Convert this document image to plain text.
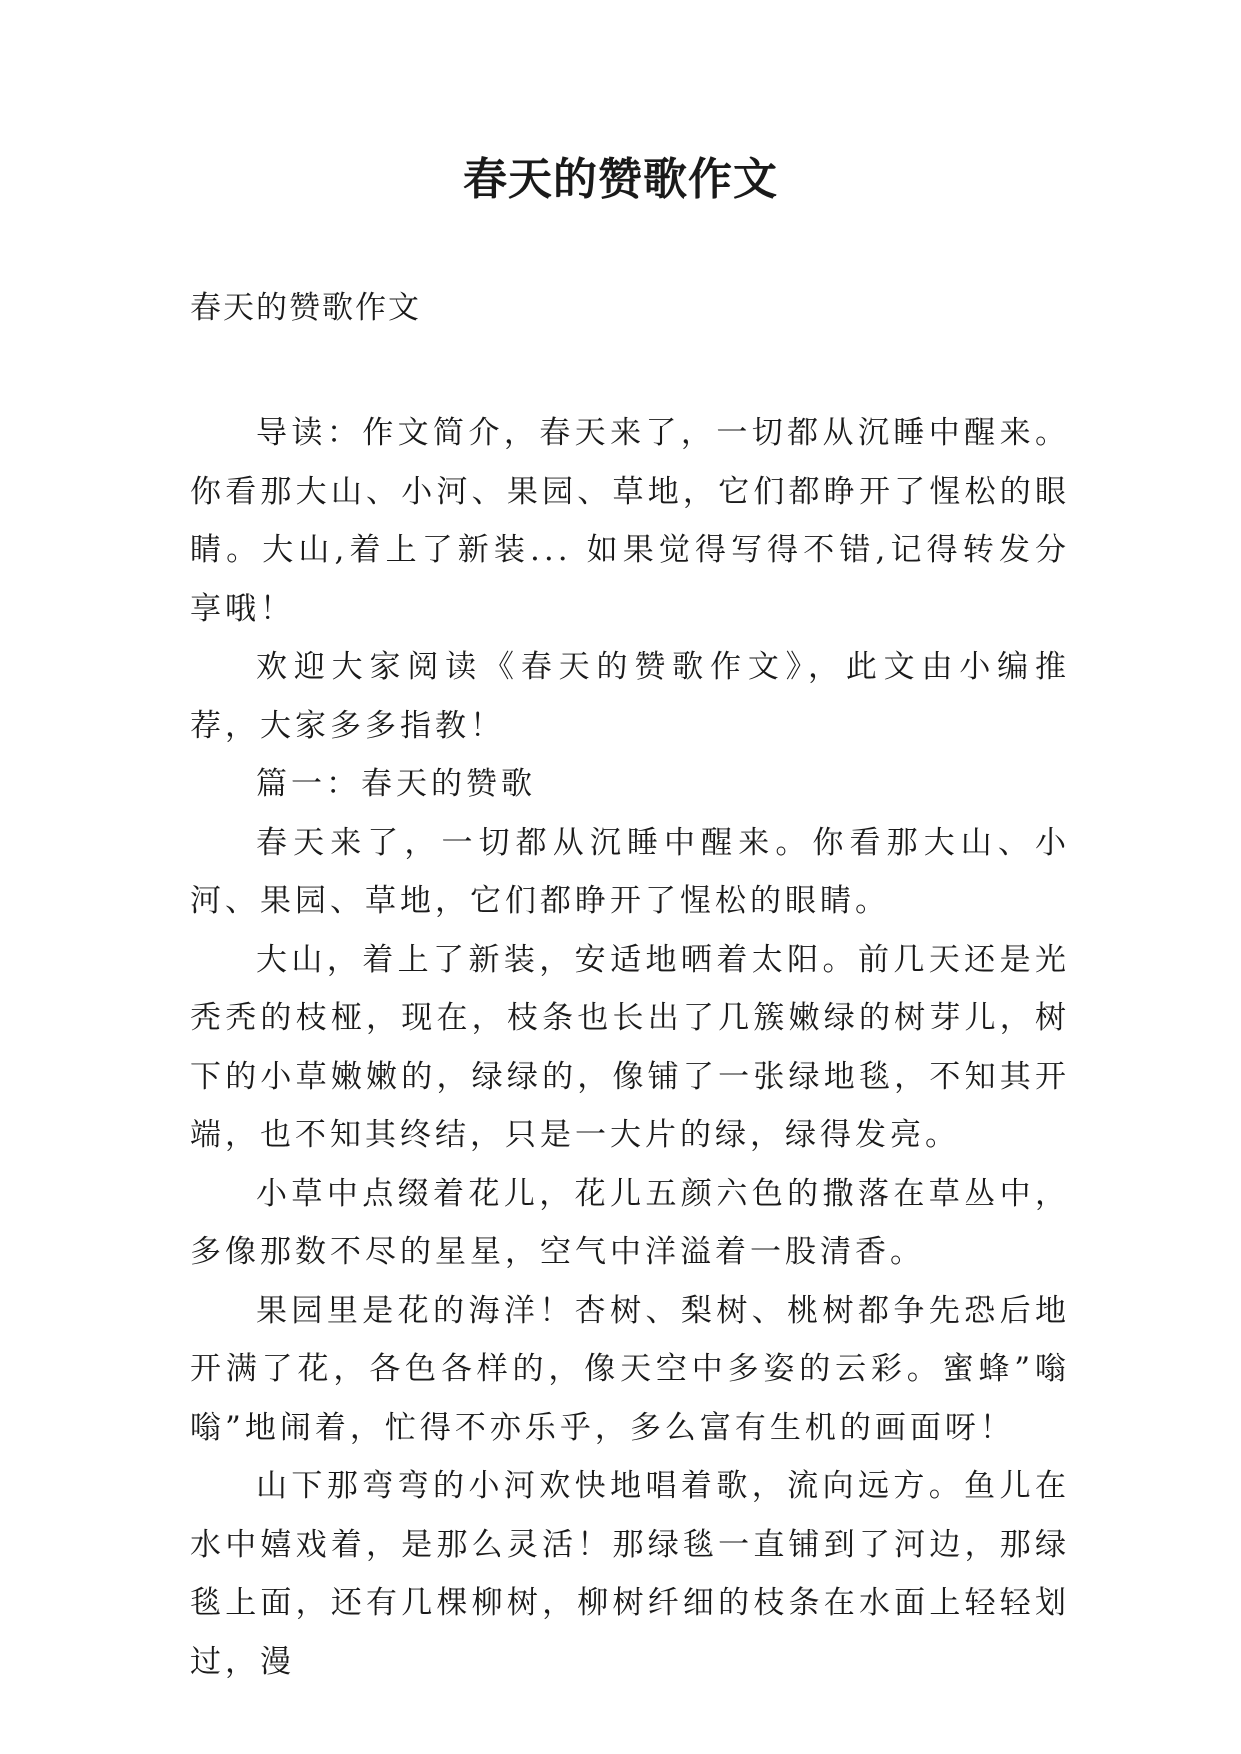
春天的赞歌作文

春天的赞歌作文

导读：作文简介，春天来了，一切都从沉睡中醒来。你看那大山、小河、果园、草地，它们都睁开了惺松的眼睛。大山,着上了新装... 如果觉得写得不错,记得转发分享哦！

欢迎大家阅读《春天的赞歌作文》，此文由小编推荐，大家多多指教！

篇一：春天的赞歌

春天来了，一切都从沉睡中醒来。你看那大山、小河、果园、草地，它们都睁开了惺松的眼睛。

大山，着上了新装，安适地晒着太阳。前几天还是光秃秃的枝桠，现在，枝条也长出了几簇嫩绿的树芽儿，树下的小草嫩嫩的，绿绿的，像铺了一张绿地毯，不知其开端，也不知其终结，只是一大片的绿，绿得发亮。

小草中点缀着花儿，花儿五颜六色的撒落在草丛中，多像那数不尽的星星，空气中洋溢着一股清香。

果园里是花的海洋！杏树、梨树、桃树都争先恐后地开满了花，各色各样的，像天空中多姿的云彩。蜜蜂”嗡嗡”地闹着，忙得不亦乐乎，多么富有生机的画面呀！

山下那弯弯的小河欢快地唱着歌，流向远方。鱼儿在水中嬉戏着，是那么灵活！那绿毯一直铺到了河边，那绿毯上面，还有几棵柳树，柳树纤细的枝条在水面上轻轻划过，漫
